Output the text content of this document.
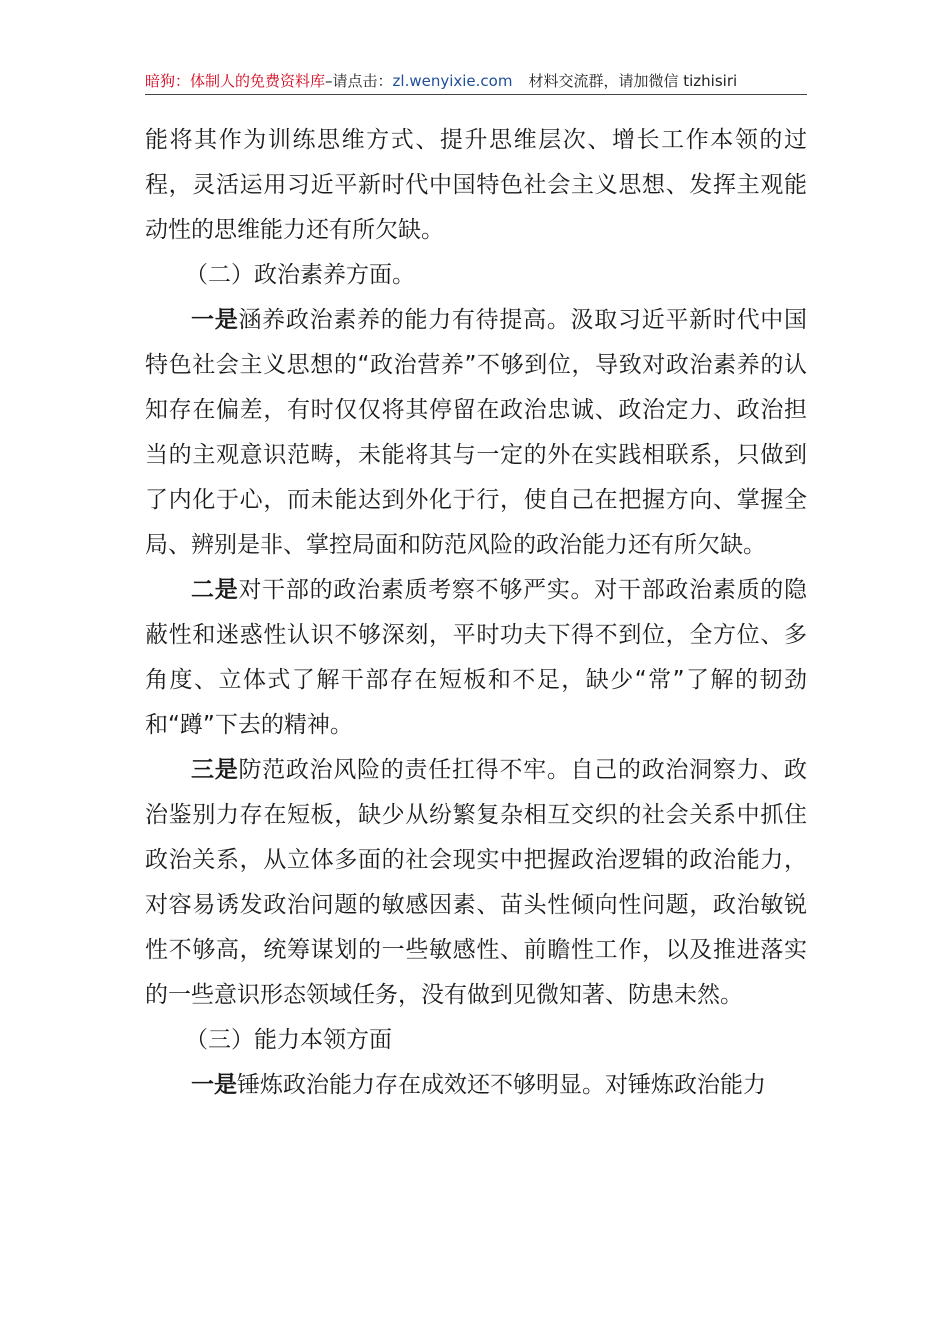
暗狗：体制人的免费资料库–请点击：zl.wenyixie.com 材料交流群，请加微信 tizhisiri

能将其作为训练思维方式、提升思维层次、增长工作本领的过程，灵活运用习近平新时代中国特色社会主义思想、发挥主观能动性的思维能力还有所欠缺。

（二）政治素养方面。

一是涵养政治素养的能力有待提高。汲取习近平新时代中国特色社会主义思想的“政治营养”不够到位，导致对政治素养的认知存在偏差，有时仅仅将其停留在政治忠诚、政治定力、政治担当的主观意识范畴，未能将其与一定的外在实践相联系，只做到了内化于心，而未能达到外化于行，使自己在把握方向、掌握全局、辨别是非、掌控局面和防范风险的政治能力还有所欠缺。

二是对干部的政治素质考察不够严实。对干部政治素质的隐蔽性和迷惑性认识不够深刻，平时功夫下得不到位，全方位、多角度、立体式了解干部存在短板和不足，缺少“常”了解的韧劲和“蹲”下去的精神。

三是防范政治风险的责任扛得不牢。自己的政治洞察力、政治鉴别力存在短板，缺少从纷繁复杂相互交织的社会关系中抓住政治关系，从立体多面的社会现实中把握政治逻辑的政治能力，对容易诱发政治问题的敏感因素、苗头性倾向性问题，政治敏锐性不够高，统筹谋划的一些敏感性、前瞻性工作，以及推进落实的一些意识形态领域任务，没有做到见微知著、防患未然。

（三）能力本领方面

一是锤炼政治能力存在成效还不够明显。对锤炼政治能力
